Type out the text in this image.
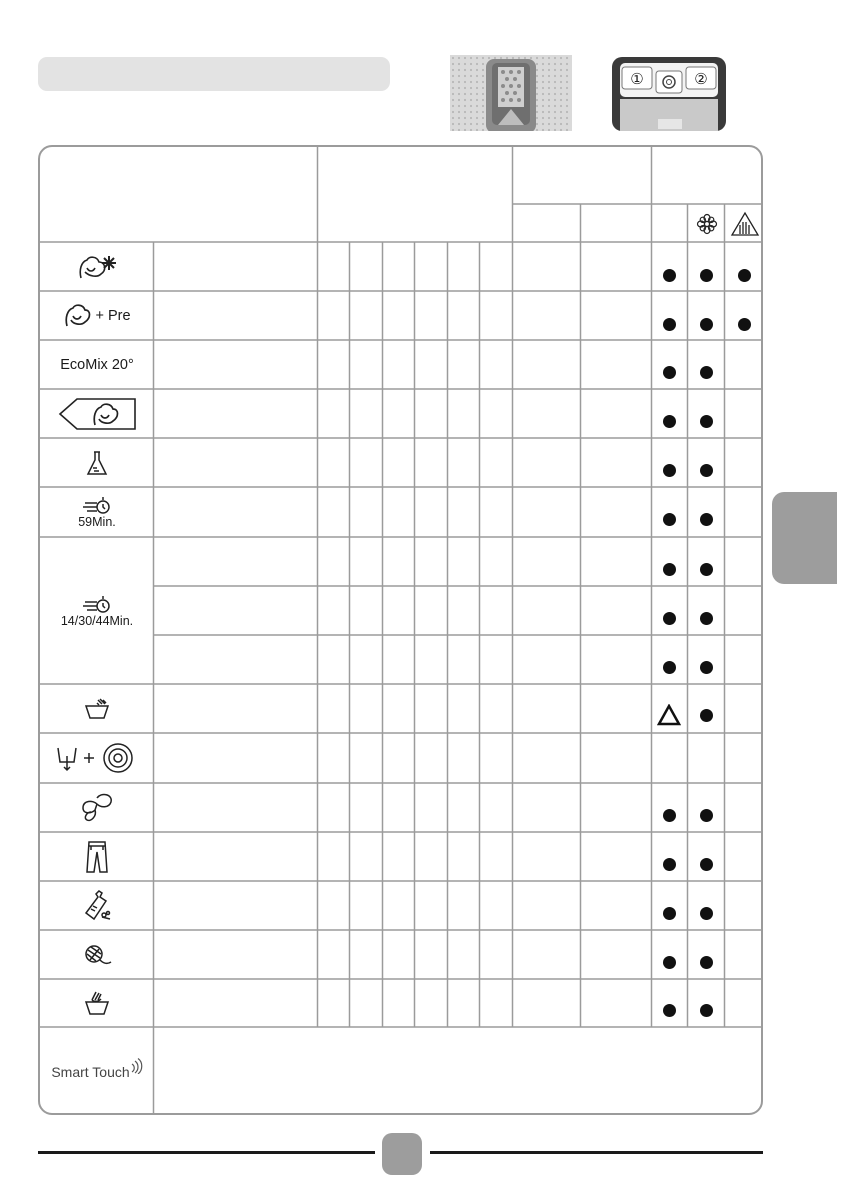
①	②
+ Pre
EcoMix 20°
59Min.
14/30/44Min.
Smart Touch
